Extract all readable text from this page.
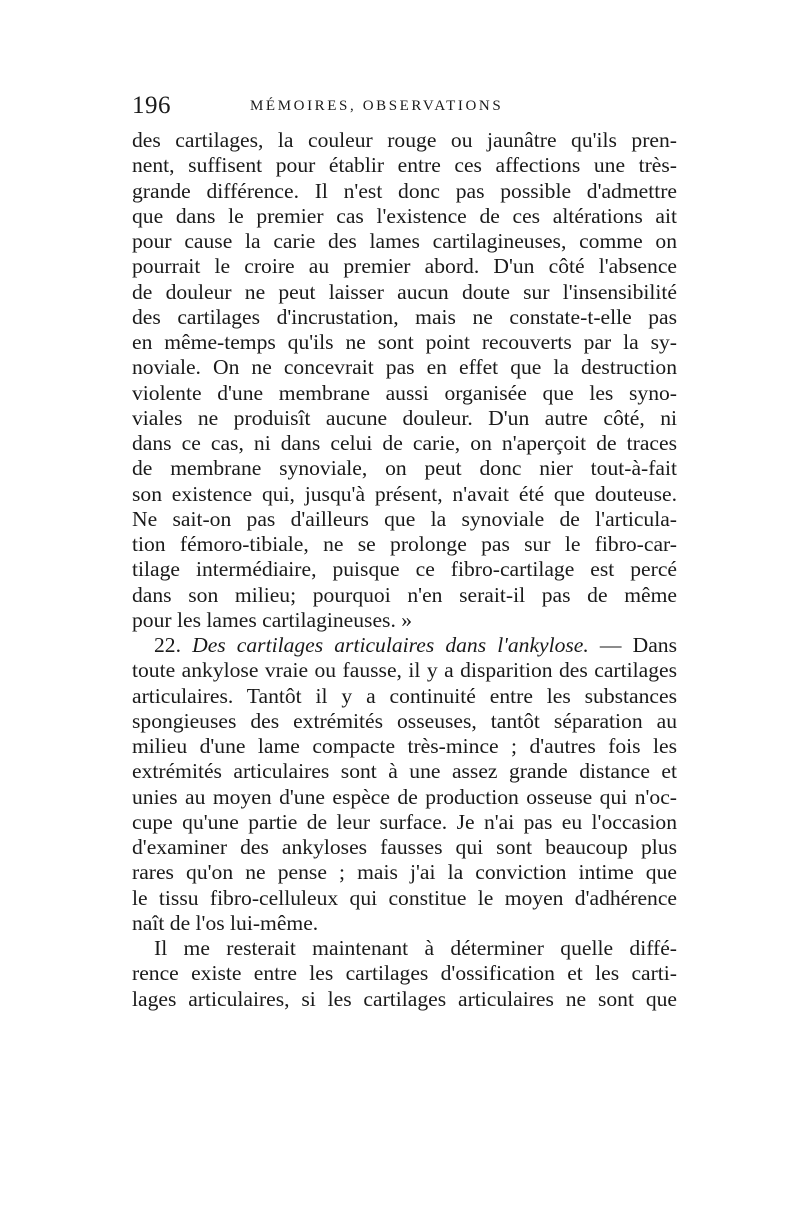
196	MÉMOIRES, OBSERVATIONS
des cartilages, la couleur rouge ou jaunâtre qu'ils pren-
nent, suffisent pour établir entre ces affections une très-
grande différence. Il n'est donc pas possible d'admettre
que dans le premier cas l'existence de ces altérations ait
pour cause la carie des lames cartilagineuses, comme on
pourrait le croire au premier abord. D'un côté l'absence
de douleur ne peut laisser aucun doute sur l'insensibilité
des cartilages d'incrustation, mais ne constate-t-elle pas
en même-temps qu'ils ne sont point recouverts par la sy-
noviale. On ne concevrait pas en effet que la destruction
violente d'une membrane aussi organisée que les syno-
viales ne produisît aucune douleur. D'un autre côté, ni
dans ce cas, ni dans celui de carie, on n'aperçoit de traces
de membrane synoviale, on peut donc nier tout-à-fait
son existence qui, jusqu'à présent, n'avait été que douteuse.
Ne sait-on pas d'ailleurs que la synoviale de l'articula-
tion fémoro-tibiale, ne se prolonge pas sur le fibro-car-
tilage intermédiaire, puisque ce fibro-cartilage est percé
dans son milieu; pourquoi n'en serait-il pas de même
pour les lames cartilagineuses. »
22. Des cartilages articulaires dans l'ankylose. — Dans
toute ankylose vraie ou fausse, il y a disparition des cartilages
articulaires. Tantôt il y a continuité entre les substances
spongieuses des extrémités osseuses, tantôt séparation au
milieu d'une lame compacte très-mince ; d'autres fois les
extrémités articulaires sont à une assez grande distance et
unies au moyen d'une espèce de production osseuse qui n'oc-
cupe qu'une partie de leur surface. Je n'ai pas eu l'occasion
d'examiner des ankyloses fausses qui sont beaucoup plus
rares qu'on ne pense ; mais j'ai la conviction intime que
le tissu fibro-celluleux qui constitue le moyen d'adhérence
naît de l'os lui-même.
Il me resterait maintenant à déterminer quelle diffé-
rence existe entre les cartilages d'ossification et les carti-
lages articulaires, si les cartilages articulaires ne sont que
